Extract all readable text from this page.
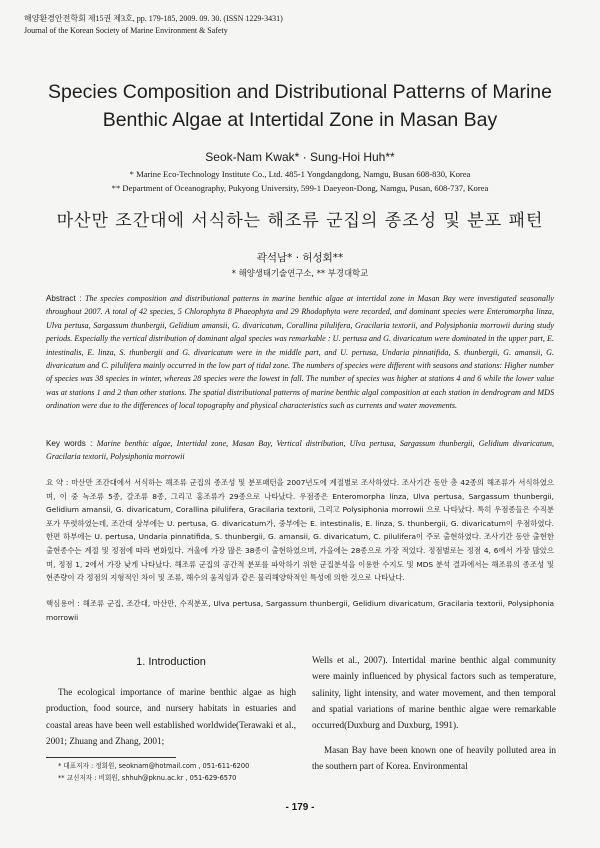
해양환경안전학회 제15권 제3호, pp. 179-185, 2009. 09. 30. (ISSN 1229-3431)
Journal of the Korean Society of Marine Environment & Safety
Species Composition and Distributional Patterns of Marine
Benthic Algae at Intertidal Zone in Masan Bay
Seok-Nam Kwak* · Sung-Hoi Huh**
* Marine Eco-Technology Institute Co., Ltd. 485-1 Yongdangdong, Namgu, Busan 608-830, Korea
** Department of Oceanography, Pukyong University, 599-1 Daeyeon-Dong, Namgu, Pusan, 608-737, Korea
마산만 조간대에 서식하는 해조류 군집의 종조성 및 분포 패턴
곽석남* · 허성회**
* 해양생태기술연구소, ** 부경대학교
Abstract : The species composition and distributional patterns in marine benthic algae at intertidal zone in Masan Bay were investigated seasonally throughout 2007. A total of 42 species, 5 Chlorophyta 8 Phaeophyta and 29 Rhodophyta were recorded, and dominant species were Enteromorpha linza, Ulva pertusa, Sargassum thunbergii, Gelidium amansii, G. divaricatum, Corallina pilulifera, Gracilaria textorii, and Polysiphonia morrowii during study periods. Especially the vertical distribution of dominant algal species was remarkable : U. pertusa and G. divaricatum were dominated in the upper part, E. intestinalis, E. linza, S. thunbergii and G. divaricatum were in the middle part, and U. pertusa, Undaria pinnatifida, S. thunbergii, G. amansii, G. divaricatum and C. pilulifera mainly occurred in the low part of tidal zone. The numbers of species were different with seasons and stations: Higher number of species was 38 species in winter, whereas 28 species were the lowest in fall. The number of species was higher at stations 4 and 6 while the lower value was at stations 1 and 2 than other stations. The spatial distributional patterns of marine benthic algal composition at each station in dendrogram and MDS ordination were due to the differences of local topography and physical characteristics such as currents and water movements.
Key words : Marine benthic algae, Intertidal zone, Masan Bay, Vertical distribution, Ulva pertusa, Sargassum thunbergii, Gelidium divaricatum, Gracilaria textorii, Polysiphonia morrowii
요 약 : 마산만 조간대에서 서식하는 해조류 군집의 종조성 및 분포패턴을 2007년도에 계절별로 조사하였다. 조사기간 동안 총 42종의 해조류가 서식하였으며, 이 중 녹조류 5종, 갈조류 8종, 그리고 홍조류가 29종으로 나타났다. 우점종은 Enteromorpha linza, Ulva pertusa, Sargassum thunbergii, Gelidium amansii, G. divaricatum, Corallina pilulifera, Gracilaria textorii, 그리고 Polysiphonia morrowii 으로 나타났다. 특히 우점종들은 수직분포가 뚜렷하였는데, 조간대 상부에는 U. pertusa, G. divaricatum가, 중부에는 E. intestinalis, E. linza, S. thunbergii, G. divaricatum이 우점하였다. 한편 하부에는 U. pertusa, Undaria pinnatifida, S. thunbergii, G. amansii, G. divaricatum, C. pilulifera이 주로 출현하였다. 조사기간 동안 출현한 출현종수는 계절 및 정점에 따라 변화있다. 겨울에 가장 많은 38종이 출현하였으며, 가을에는 28종으로 가장 적었다. 정점별로는 정점 4, 6에서 가장 많았으며, 정점 1, 2에서 가장 낮게 나타났다. 해조류 군집의 공간적 분포를 파악하기 위한 군집분석을 이용한 수지도 및 MDS 분석 결과에서는 해조류의 종조성 및 현존량이 각 정점의 지형적인 차이 및 조류, 해수의 움직임과 같은 물리해양학적인 특성에 의한 것으로 나타났다.
핵심용어 : 해조류 군집, 조간대, 마산만, 수직분포, Ulva pertusa, Sargassum thunbergii, Gelidium divaricatum, Gracilaria textorii, Polysiphonia morrowii
1. Introduction
The ecological importance of marine benthic algae as high production, food source, and nursery habitats in estuaries and coastal areas have been well established worldwide(Terawaki et al., 2001; Zhuang and Zhang, 2001;
Wells et al., 2007). Intertidal marine benthic algal community were mainly influenced by physical factors such as temperature, salinity, light intensity, and water movement, and then temporal and spatial variations of marine benthic algae were remarkable occurred(Duxburg and Duxburg, 1991).
Masan Bay have been known one of heavily polluted area in the southern part of Korea. Environmental
* 대표저자 : 정회원, seoknam@hotmail.com , 051-611-6200
** 교신저자 : 비회원, shhuh@pknu.ac.kr , 051-629-6570
- 179 -
